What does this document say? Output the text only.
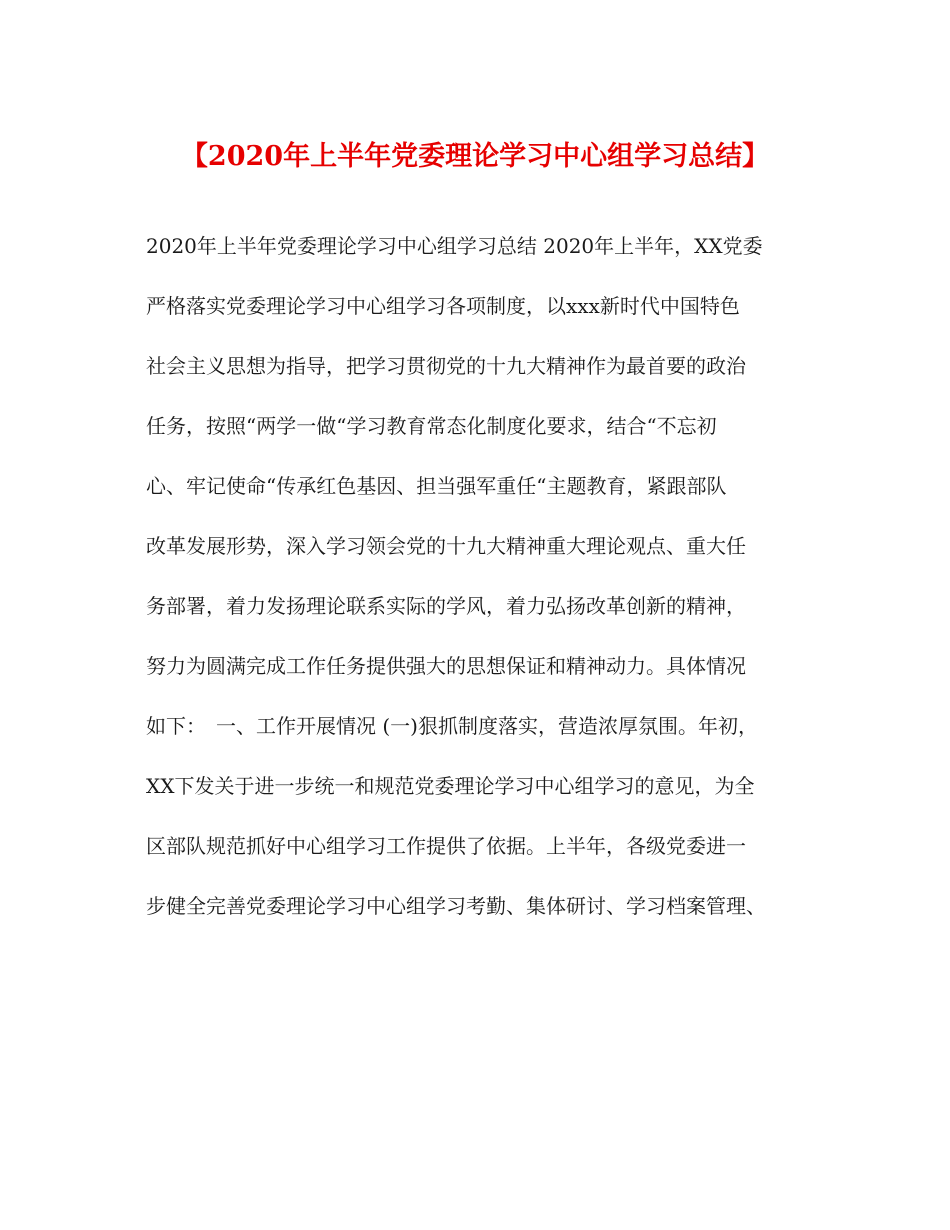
【2020年上半年党委理论学习中心组学习总结】
2020年上半年党委理论学习中心组学习总结 2020年上半年，XX党委
严格落实党委理论学习中心组学习各项制度，以xxx新时代中国特色
社会主义思想为指导，把学习贯彻党的十九大精神作为最首要的政治
任务，按照“两学一做“学习教育常态化制度化要求，结合“不忘初
心、牢记使命“传承红色基因、担当强军重任“主题教育，紧跟部队
改革发展形势，深入学习领会党的十九大精神重大理论观点、重大任
务部署，着力发扬理论联系实际的学风，着力弘扬改革创新的精神，
努力为圆满完成工作任务提供强大的思想保证和精神动力。具体情况
如下：　一、工作开展情况 (一)狠抓制度落实，营造浓厚氛围。年初，
XX下发关于进一步统一和规范党委理论学习中心组学习的意见，为全
区部队规范抓好中心组学习工作提供了依据。上半年，各级党委进一
步健全完善党委理论学习中心组学习考勤、集体研讨、学习档案管理、
